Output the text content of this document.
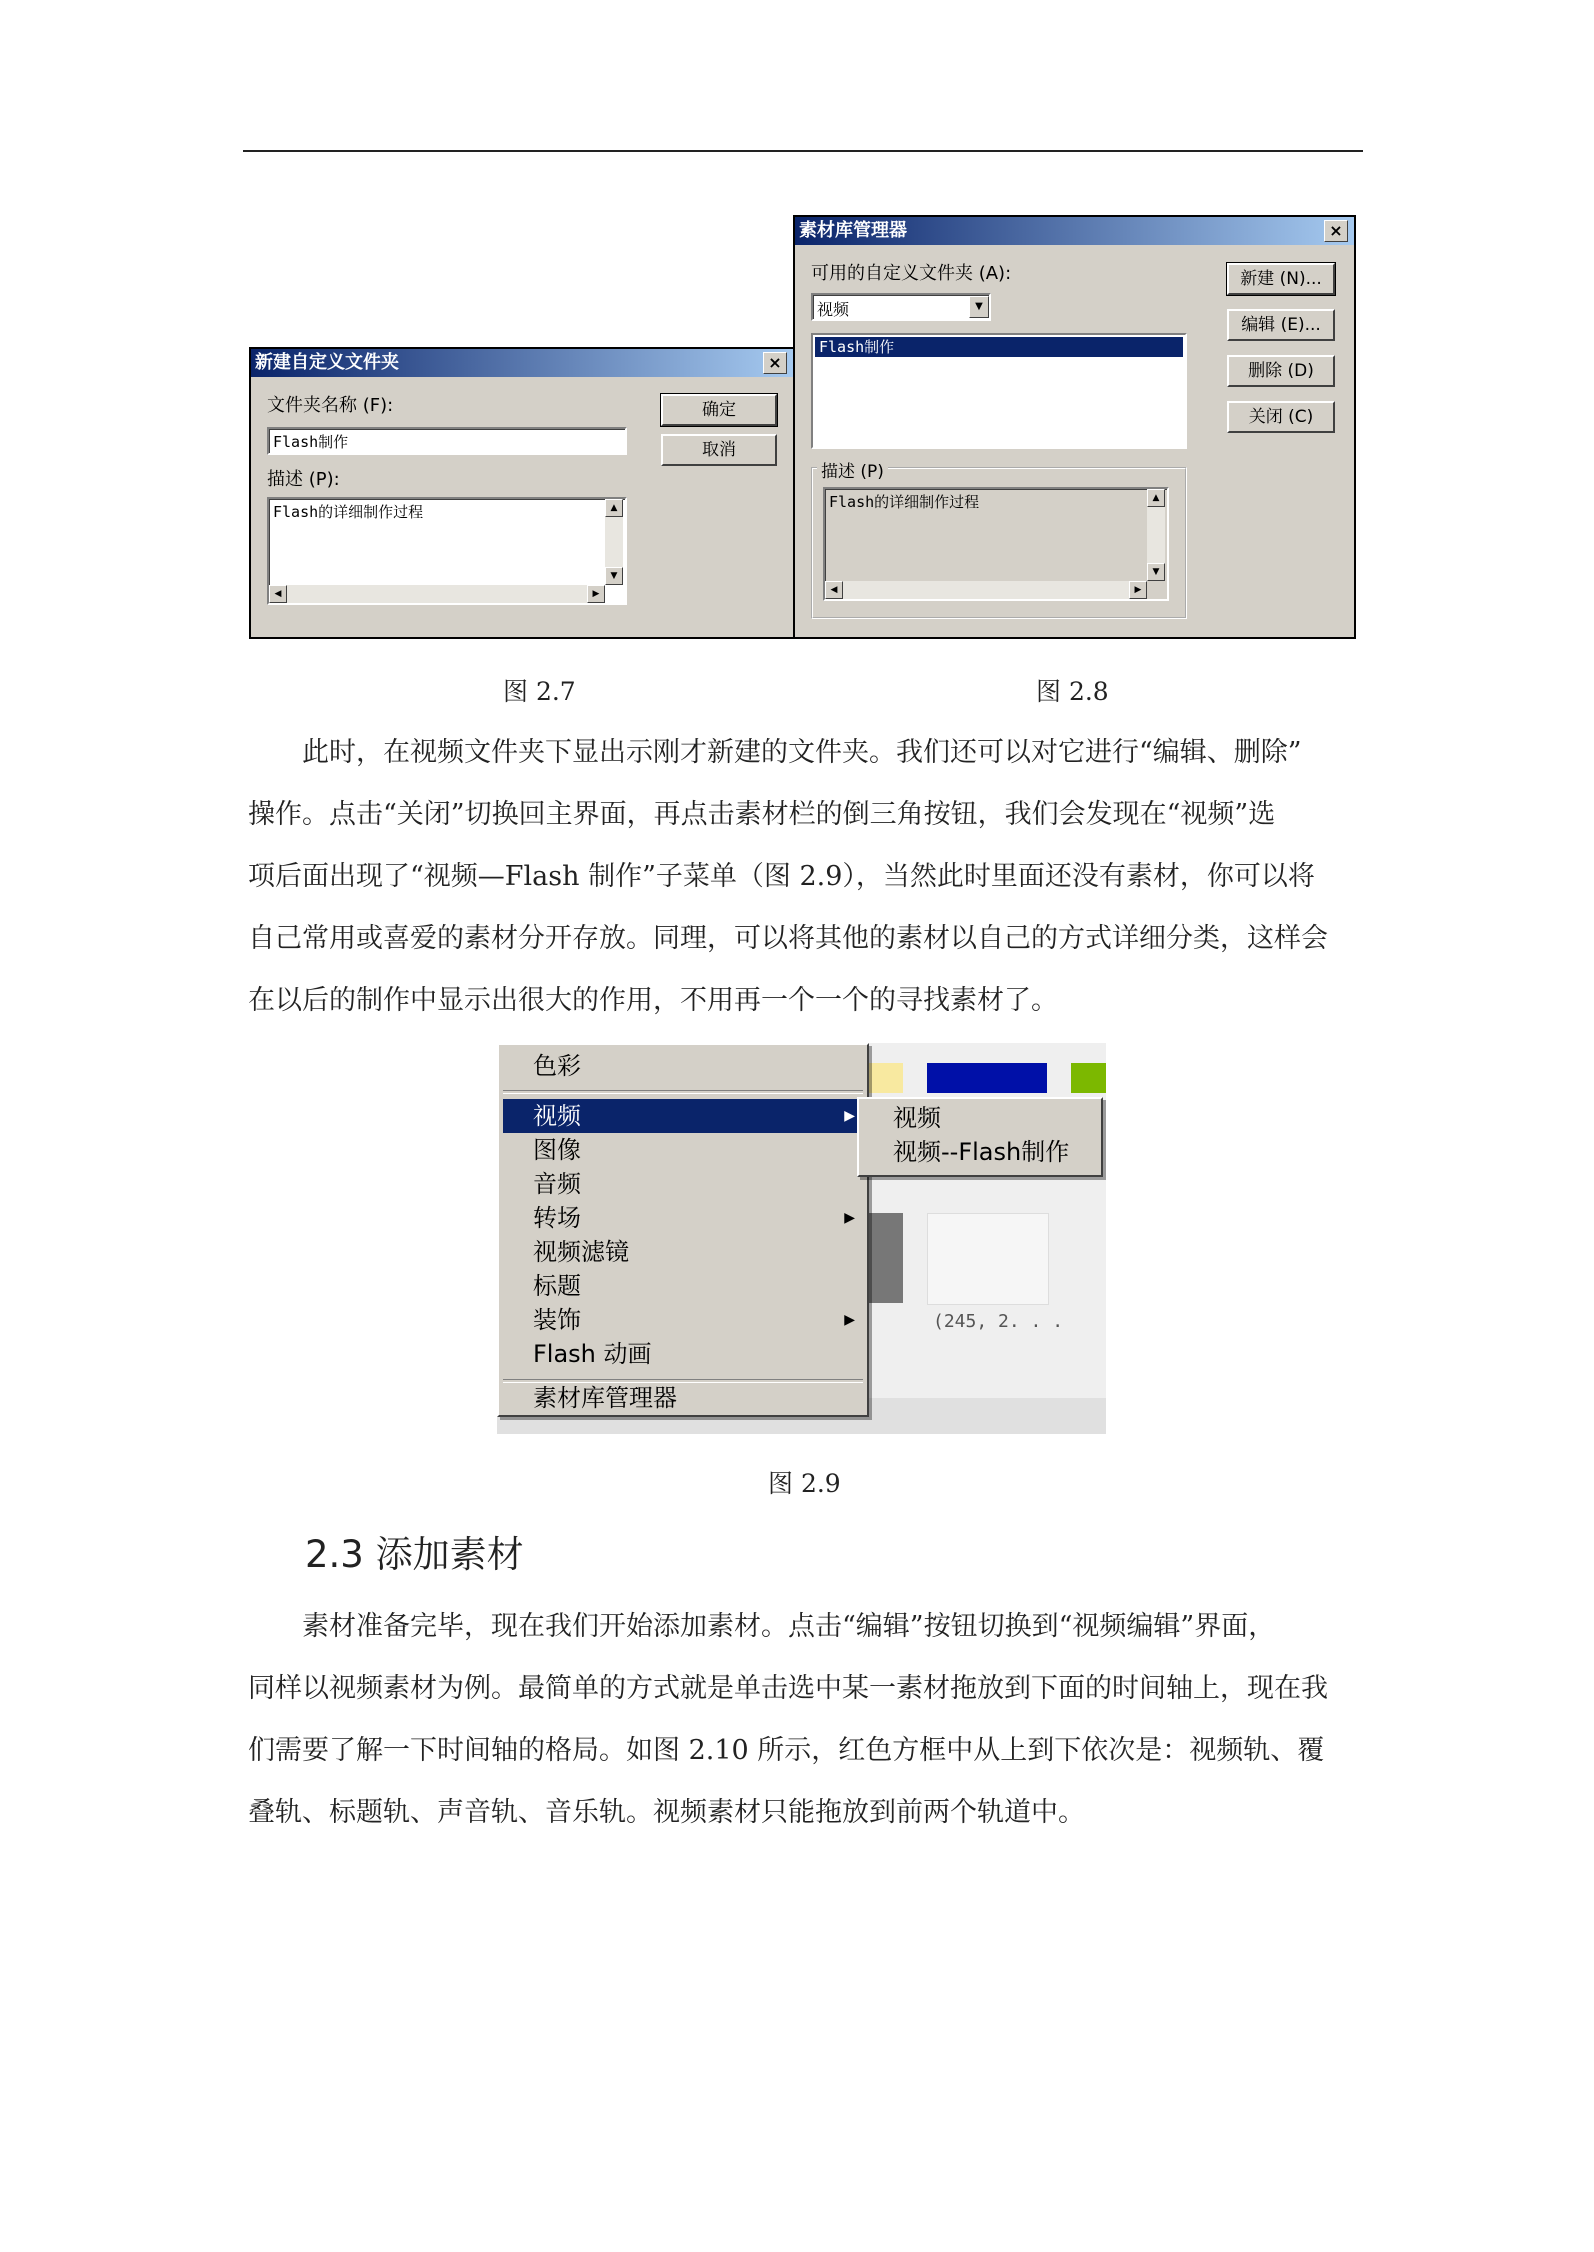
新建自定义文件夹	×
文件夹名称 (F):
Flash制作
确定
取消
描述 (P):
Flash的详细制作过程	▲
▼
◀	▶
素材库管理器	×
可用的自定义文件夹 (A):
视频	▼
Flash制作
新建 (N)...
编辑 (E)...
删除 (D)
关闭 (C)
描述 (P)
Flash的详细制作过程	▲
▼
◀	▶
图 2.7	图 2.8

此时，在视频文件夹下显出示刚才新建的文件夹。我们还可以对它进行“编辑、删除”

操作。点击“关闭”切换回主界面，再点击素材栏的倒三角按钮，我们会发现在“视频”选

项后面出现了“视频—Flash 制作”子菜单（图 2.9），当然此时里面还没有素材，你可以将

自己常用或喜爱的素材分开存放。同理，可以将其他的素材以自己的方式详细分类，这样会

在以后的制作中显示出很大的作用，不用再一个一个的寻找素材了。

(245, 2. . .
色彩
视频	▶
图像
音频
转场	▶
视频滤镜
标题
装饰	▶
Flash 动画
素材库管理器
视频
视频--Flash制作
图 2.9
2.3 添加素材

素材准备完毕，现在我们开始添加素材。点击“编辑”按钮切换到“视频编辑”界面，

同样以视频素材为例。最简单的方式就是单击选中某一素材拖放到下面的时间轴上，现在我

们需要了解一下时间轴的格局。如图 2.10 所示，红色方框中从上到下依次是：视频轨、覆

叠轨、标题轨、声音轨、音乐轨。视频素材只能拖放到前两个轨道中。
